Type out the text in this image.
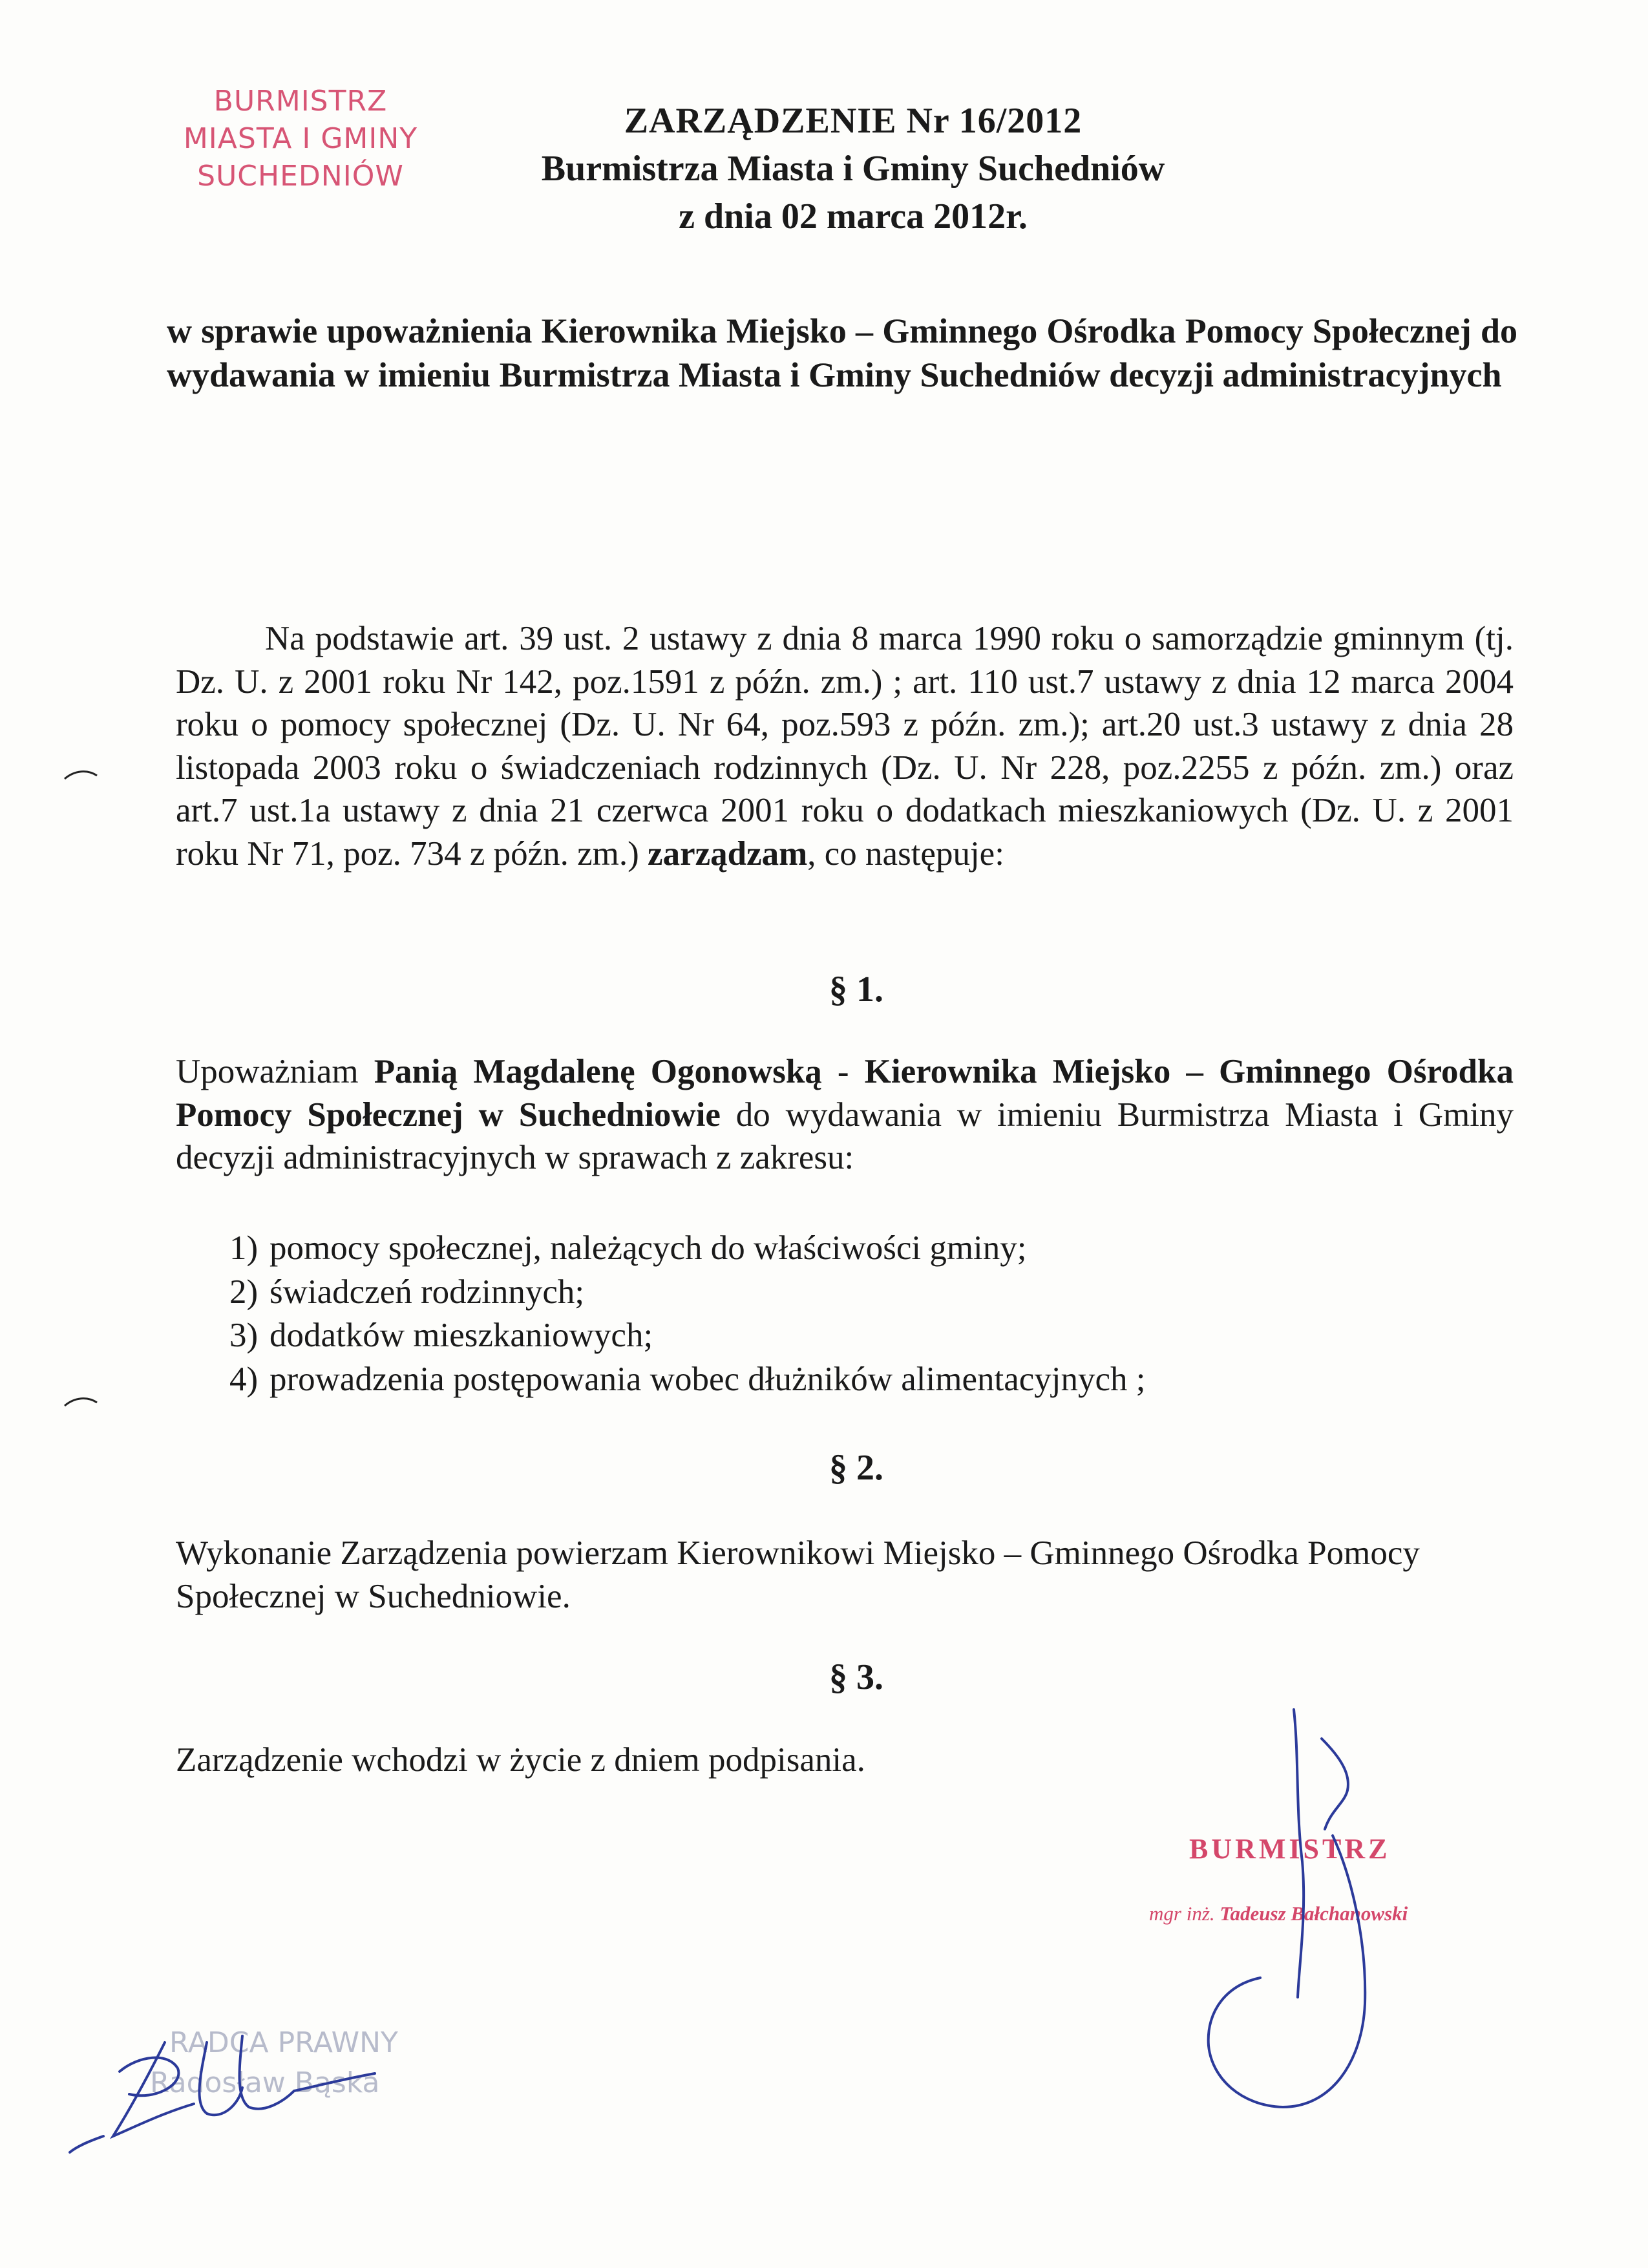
BURMISTRZ
MIASTA I GMINY
SUCHEDNIÓW
ZARZĄDZENIE Nr 16/2012
Burmistrza Miasta i Gminy Suchedniów
z dnia 02 marca 2012r.
w sprawie upoważnienia Kierownika Miejsko – Gminnego Ośrodka Pomocy Społecznej do wydawania w imieniu Burmistrza Miasta i Gminy Suchedniów decyzji administracyjnych
Na podstawie art. 39 ust. 2 ustawy z dnia 8 marca 1990 roku o samorządzie gminnym (tj. Dz. U. z 2001 roku Nr 142, poz.1591 z późn. zm.) ; art. 110 ust.7 ustawy z dnia 12 marca 2004 roku o pomocy społecznej (Dz. U. Nr 64, poz.593 z późn. zm.); art.20 ust.3 ustawy z dnia 28 listopada 2003 roku o świadczeniach rodzinnych (Dz. U. Nr 228, poz.2255 z późn. zm.) oraz art.7 ust.1a ustawy z dnia 21 czerwca 2001 roku o dodatkach mieszkaniowych (Dz. U. z 2001 roku Nr 71, poz. 734 z późn. zm.) zarządzam, co następuje:
§ 1.
Upoważniam Panią Magdalenę Ogonowską - Kierownika Miejsko – Gminnego Ośrodka Pomocy Społecznej w Suchedniowie do wydawania w imieniu Burmistrza Miasta i Gminy decyzji administracyjnych w sprawach z zakresu:
1) pomocy społecznej, należących do właściwości gminy;
2) świadczeń rodzinnych;
3) dodatków mieszkaniowych;
4) prowadzenia postępowania wobec dłużników alimentacyjnych ;
§ 2.
Wykonanie Zarządzenia powierzam Kierownikowi Miejsko – Gminnego Ośrodka Pomocy Społecznej w Suchedniowie.
§ 3.
Zarządzenie wchodzi w życie z dniem podpisania.
BURMISTRZ
mgr inż. Tadeusz Bałchanowski
RADCA PRAWNY
Radosław Bąska
